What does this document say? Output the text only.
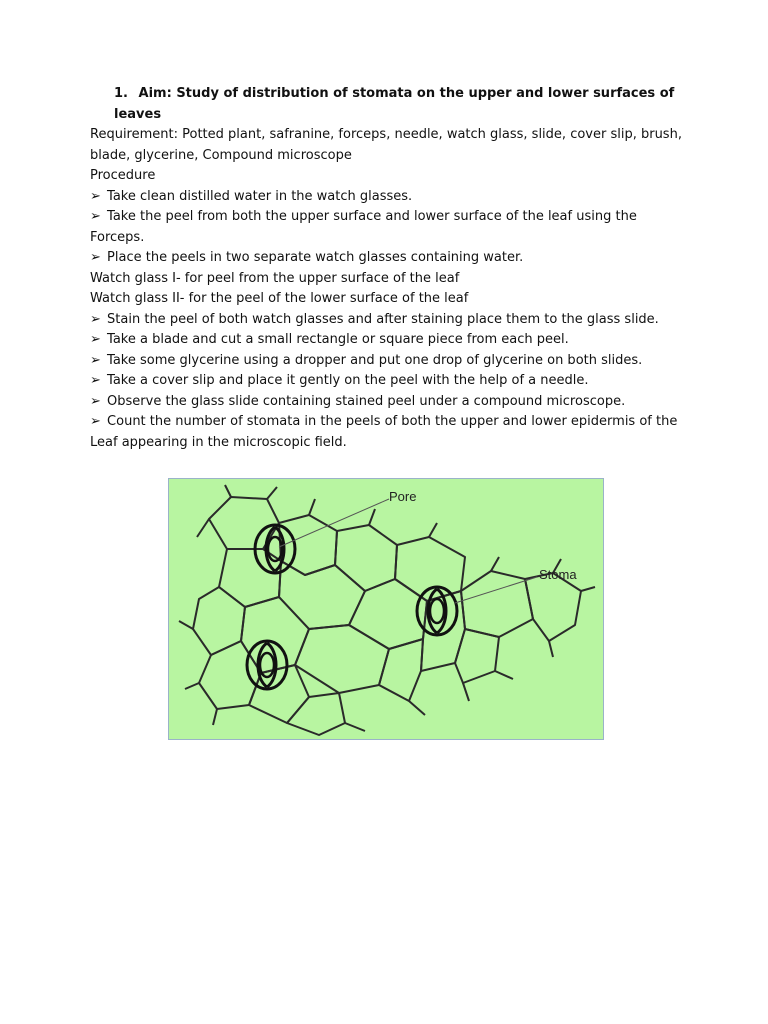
1. Aim: Study of distribution of stomata on the upper and lower surfaces of leaves
Requirement: Potted plant, safranine, forceps, needle, watch glass, slide, cover slip, brush,
blade, glycerine, Compound microscope
Procedure
➢ Take clean distilled water in the watch glasses.
➢ Take the peel from both the upper surface and lower surface of the leaf using the
Forceps.
➢ Place the peels in two separate watch glasses containing water.
Watch glass I- for peel from the upper surface of the leaf
Watch glass II- for the peel of the lower surface of the leaf
➢ Stain the peel of both watch glasses and after staining place them to the glass slide.
➢ Take a blade and cut a small rectangle or square piece from each peel.
➢ Take some glycerine using a dropper and put one drop of glycerine on both slides.
➢ Take a cover slip and place it gently on the peel with the help of a needle.
➢ Observe the glass slide containing stained peel under a compound microscope.
➢ Count the number of stomata in the peels of both the upper and lower epidermis of the
Leaf appearing in the microscopic field.
Pore
Stoma
